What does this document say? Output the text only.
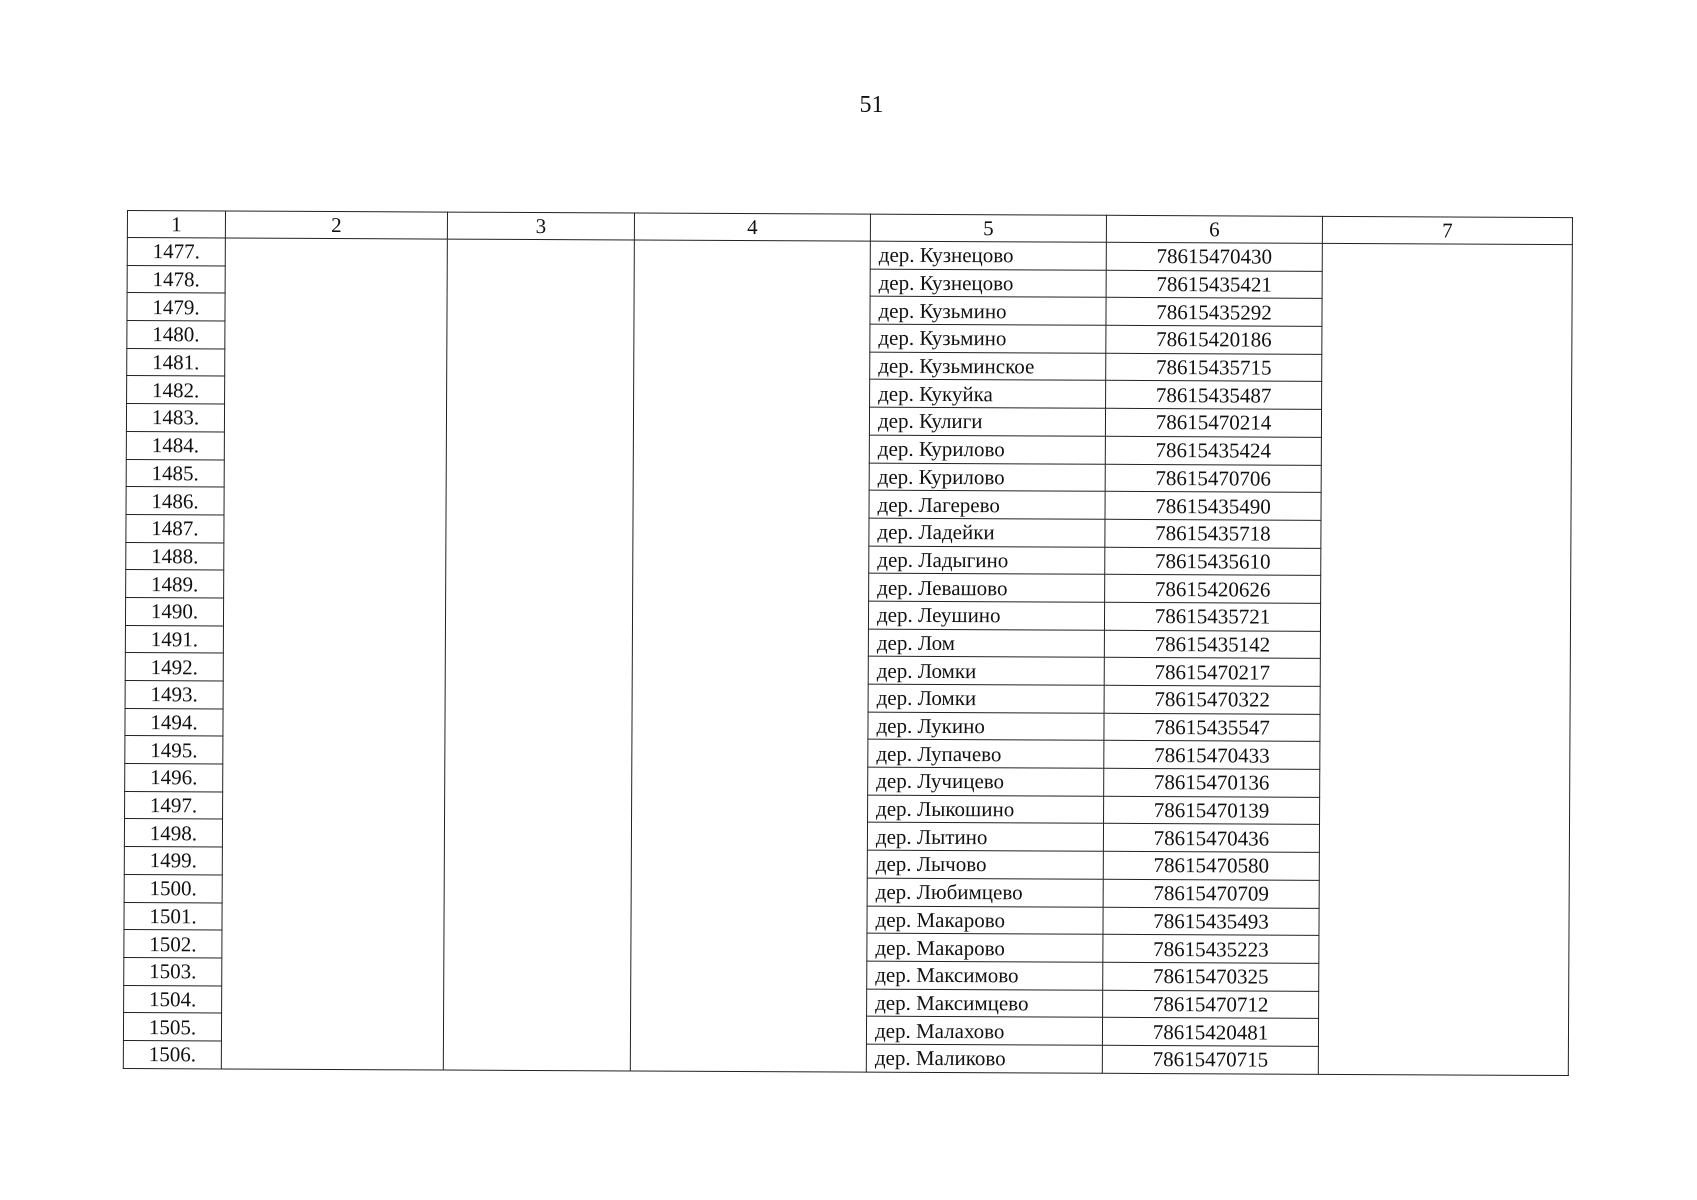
51
1	2	3	4	5	6	7
1477.				дер. Кузнецово	78615470430	
1478.				дер. Кузнецово	78615435421	
1479.				дер. Кузьмино	78615435292	
1480.				дер. Кузьмино	78615420186	
1481.				дер. Кузьминское	78615435715	
1482.				дер. Кукуйка	78615435487	
1483.				дер. Кулиги	78615470214	
1484.				дер. Курилово	78615435424	
1485.				дер. Курилово	78615470706	
1486.				дер. Лагерево	78615435490	
1487.				дер. Ладейки	78615435718	
1488.				дер. Ладыгино	78615435610	
1489.				дер. Левашово	78615420626	
1490.				дер. Леушино	78615435721	
1491.				дер. Лом	78615435142	
1492.				дер. Ломки	78615470217	
1493.				дер. Ломки	78615470322	
1494.				дер. Лукино	78615435547	
1495.				дер. Лупачево	78615470433	
1496.				дер. Лучицево	78615470136	
1497.				дер. Лыкошино	78615470139	
1498.				дер. Лытино	78615470436	
1499.				дер. Лычово	78615470580	
1500.				дер. Любимцево	78615470709	
1501.				дер. Макарово	78615435493	
1502.				дер. Макарово	78615435223	
1503.				дер. Максимово	78615470325	
1504.				дер. Максимцево	78615470712	
1505.				дер. Малахово	78615420481	
1506.				дер. Маликово	78615470715	
